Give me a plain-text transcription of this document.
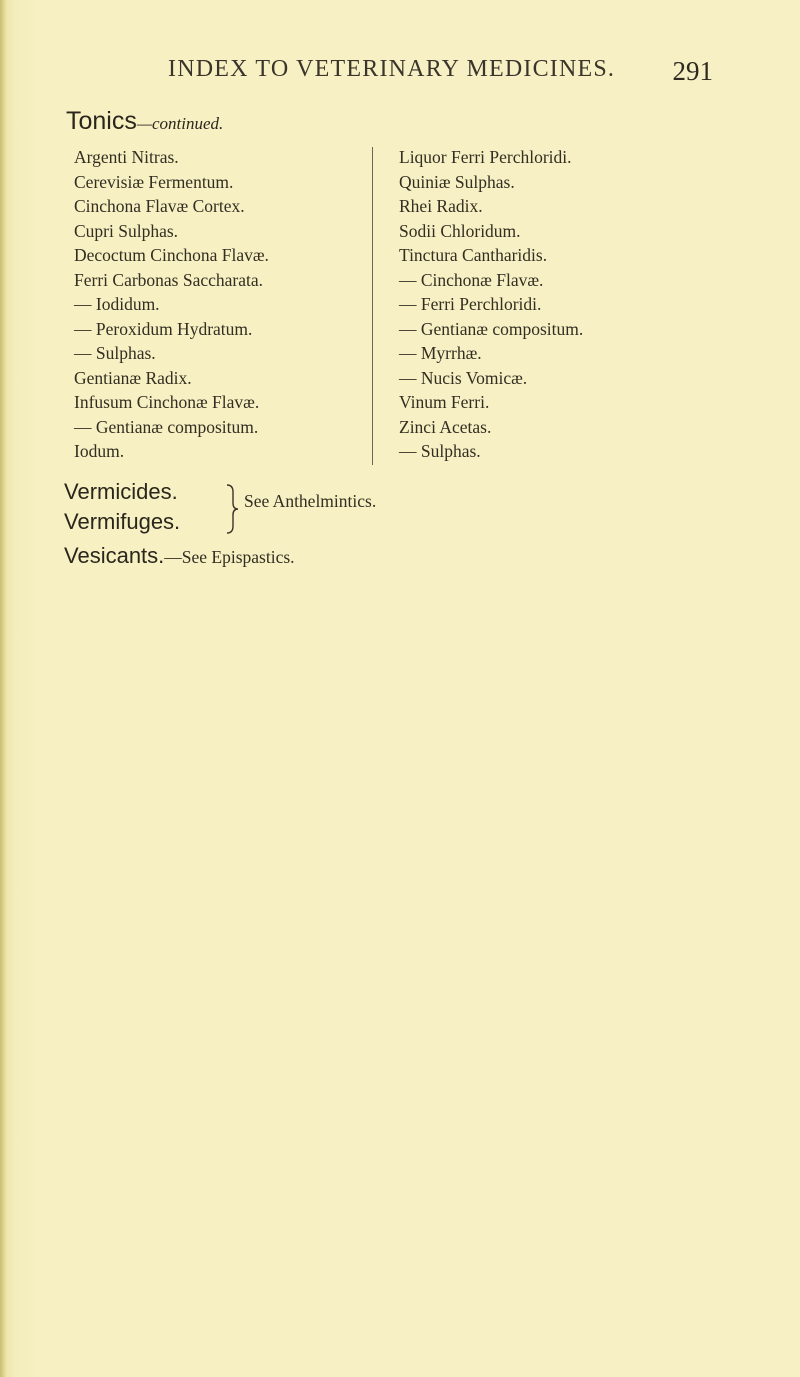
INDEX TO VETERINARY MEDICINES. 291
Tonics—continued.
Argenti Nitras.
Cerevisiæ Fermentum.
Cinchona Flavæ Cortex.
Cupri Sulphas.
Decoctum Cinchona Flavæ.
Ferri Carbonas Saccharata.
— Iodidum.
— Peroxidum Hydratum.
— Sulphas.
Gentianæ Radix.
Infusum Cinchonæ Flavæ.
— Gentianæ compositum.
Iodum.
Liquor Ferri Perchloridi.
Quiniæ Sulphas.
Rhei Radix.
Sodii Chloridum.
Tinctura Cantharidis.
— Cinchonæ Flavæ.
— Ferri Perchloridi.
— Gentianæ compositum.
— Myrrhæ.
— Nucis Vomicæ.
Vinum Ferri.
Zinci Acetas.
— Sulphas.
Vermicides.
Vermifuges.
See Anthelmintics.
Vesicants.—See Epispastics.
